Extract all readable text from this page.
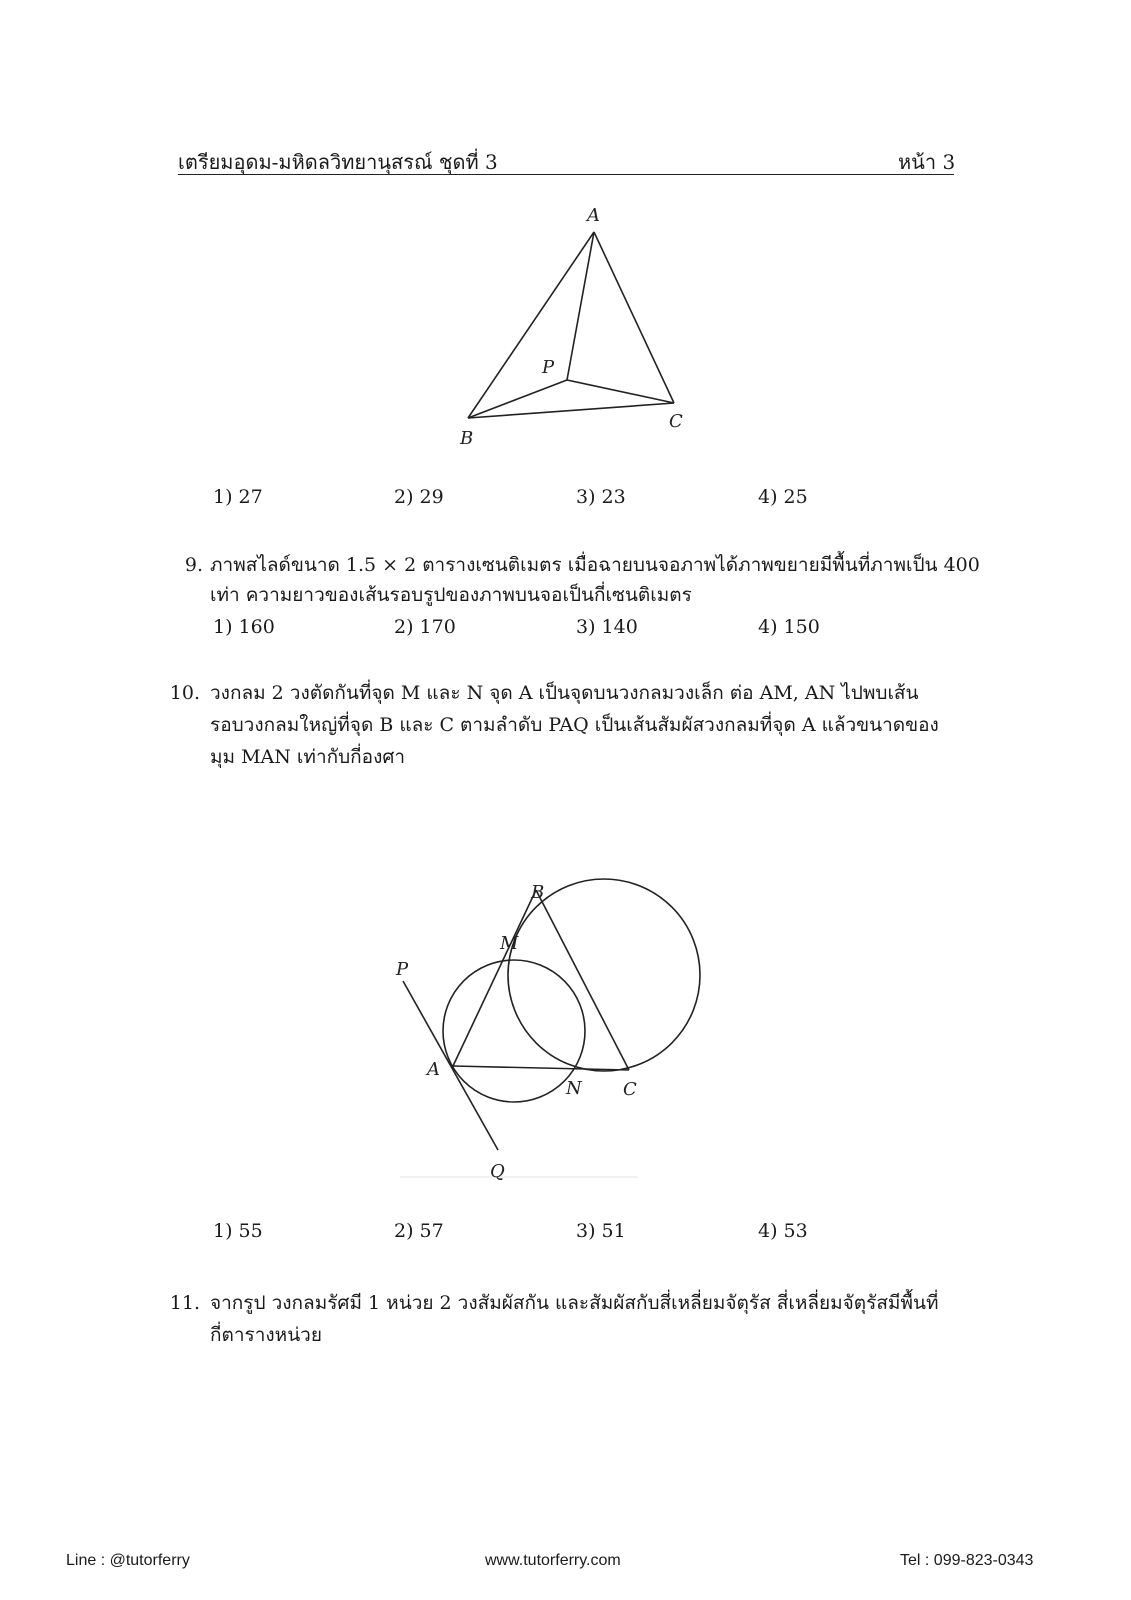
เตรียมอุดม-มหิดลวิทยานุสรณ์ ชุดที่ 3	หน้า 3
A
B
C
P
1) 27	2) 29	3) 23	4) 25
9. ภาพสไลด์ขนาด 1.5 × 2 ตารางเซนติเมตร เมื่อฉายบนจอภาพได้ภาพขยายมีพื้นที่ภาพเป็น 400
เท่า ความยาวของเส้นรอบรูปของภาพบนจอเป็นกี่เซนติเมตร
1) 160	2) 170	3) 140	4) 150
10. วงกลม 2 วงตัดกันที่จุด M และ N จุด A เป็นจุดบนวงกลมวงเล็ก ต่อ AM, AN ไปพบเส้น
รอบวงกลมใหญ่ที่จุด B และ C ตามลำดับ PAQ เป็นเส้นสัมผัสวงกลมที่จุด A แล้วขนาดของ
มุม MAN เท่ากับกี่องศา
B
M
P
A
N C
Q
1) 55	2) 57	3) 51	4) 53
11. จากรูป วงกลมรัศมี 1 หน่วย 2 วงสัมผัสกัน และสัมผัสกับสี่เหลี่ยมจัตุรัส สี่เหลี่ยมจัตุรัสมีพื้นที่
กี่ตารางหน่วย
Line : @tutorferry	www.tutorferry.com	Tel : 099-823-0343
